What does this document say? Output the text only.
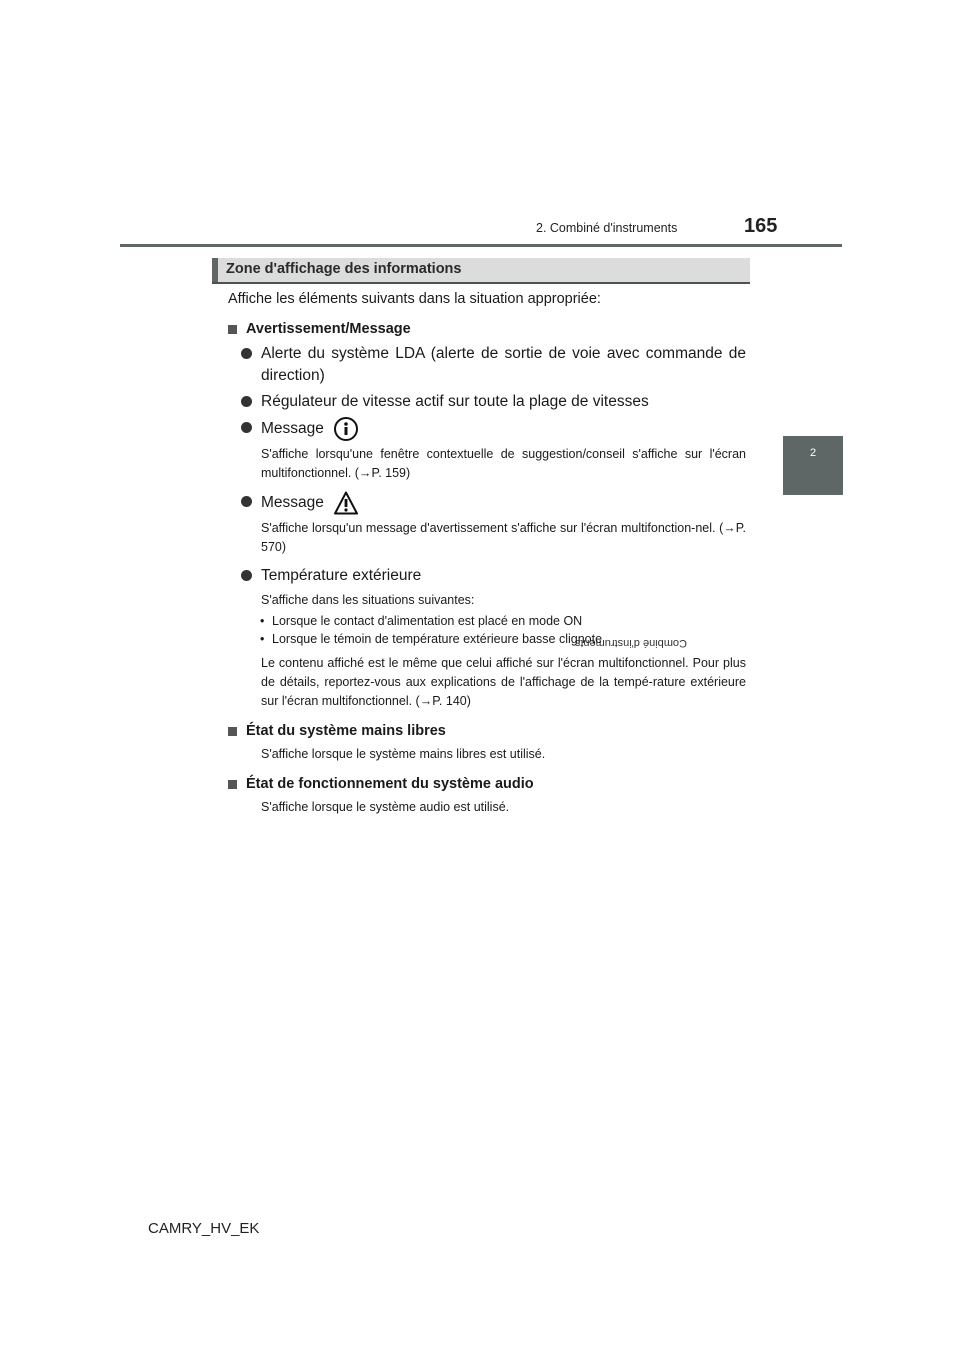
2. Combiné d'instruments	165
2
Combiné d'instruments
Zone d'affichage des informations

Affiche les éléments suivants dans la situation appropriée:

Avertissement/Message
Alerte du système LDA (alerte de sortie de voie avec commande de direction)
Régulateur de vitesse actif sur toute la plage de vitesses
Message
S'affiche lorsqu'une fenêtre contextuelle de suggestion/conseil s'affiche sur l'écran multifonctionnel. (→P. 159)
Message
S'affiche lorsqu'un message d'avertissement s'affiche sur l'écran multifonction-nel. (→P. 570)
Température extérieure
S'affiche dans les situations suivantes:
• Lorsque le contact d'alimentation est placé en mode ON
• Lorsque le témoin de température extérieure basse clignote
Le contenu affiché est le même que celui affiché sur l'écran multifonctionnel. Pour plus de détails, reportez-vous aux explications de l'affichage de la tempé-rature extérieure sur l'écran multifonctionnel. (→P. 140)
État du système mains libres
S'affiche lorsque le système mains libres est utilisé.
État de fonctionnement du système audio
S'affiche lorsque le système audio est utilisé.
CAMRY_HV_EK
